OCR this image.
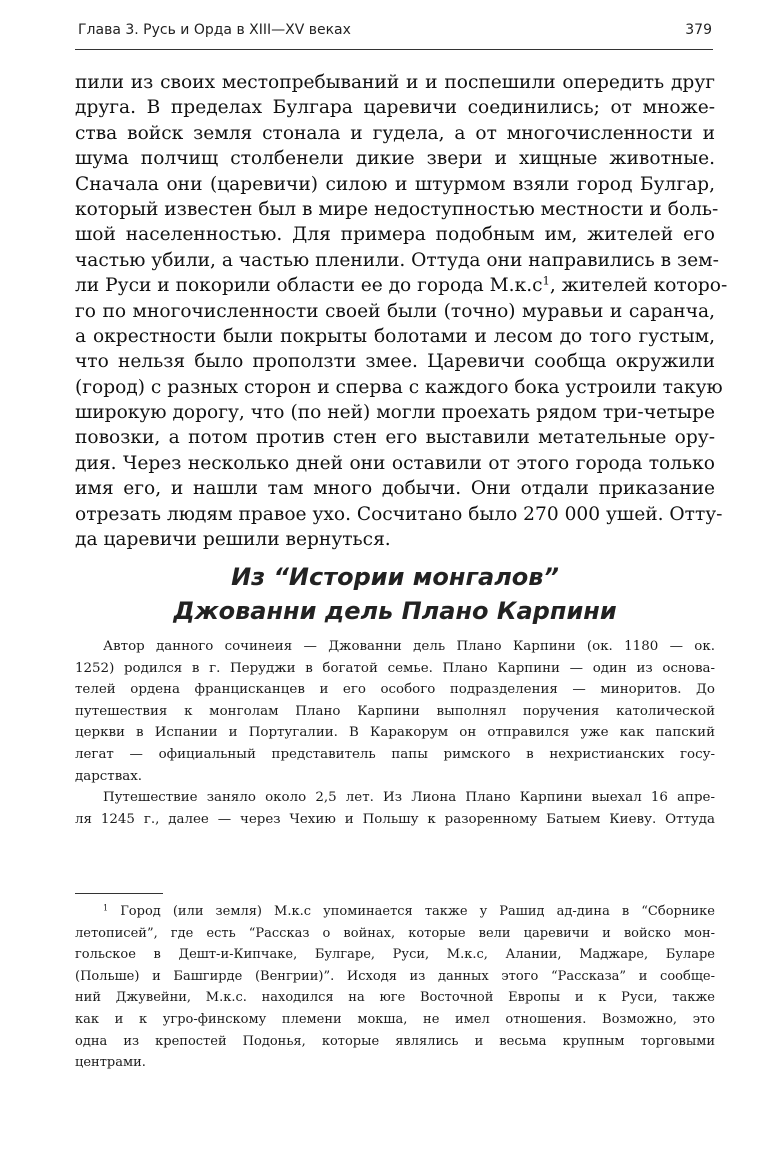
Глава 3. Русь и Орда в XIII—XV веках	379
пили из своих местопребываний и и поспешили опередить друг
друга. В пределах Булгара царевичи соединились; от множе-
ства войск земля стонала и гудела, а от многочисленности и
шума полчищ столбенели дикие звери и хищные животные.
Сначала они (царевичи) силою и штурмом взяли город Булгар,
который известен был в мире недоступностью местности и боль-
шой населенностью. Для примера подобным им, жителей его
частью убили, а частью пленили. Оттуда они направились в зем-
ли Руси и покорили области ее до города $М.к.с^1$, жителей которо-
го по многочисленности своей были (точно) муравьи и саранча,
а окрестности были покрыты болотами и лесом до того густым,
что нельзя было проползти змее. Царевичи сообща окружили
(город) с разных сторон и сперва с каждого бока устроили такую
широкую дорогу, что (по ней) могли проехать рядом три-четыре
повозки, а потом против стен его выставили метательные ору-
дия. Через несколько дней они оставили от этого города только
имя его, и нашли там много добычи. Они отдали приказание
отрезать людям правое ухо. Сосчитано было 270 000 ушей. Отту-
да царевичи решили вернуться.
Из “Истории монгалов”
Джованни дель Плано Карпини
Автор данного сочинеия — Джованни дель Плано Карпини (ок. 1180 — ок.
1252) родился в г. Перуджи в богатой семье. Плано Карпини — один из основа-
телей ордена францисканцев и его особого подразделения — миноритов. До
путешествия к монголам Плано Карпини выполнял поручения католической
церкви в Испании и Португалии. В Каракорум он отправился уже как папский
легат — официальный представитель папы римского в нехристианских госу-
дарствах.
Путешествие заняло около 2,5 лет. Из Лиона Плано Карпини выехал 16 апре-
ля 1245 г., далее — через Чехию и Польшу к разоренному Батыем Киеву. Оттуда
$^1$ Город (или земля) М.к.с упоминается также у Рашид ад-дина в “Сборнике
летописей”, где есть “Рассказ о войнах, которые вели царевичи и войско мон-
гольское в Дешт-и-Кипчаке, Булгаре, Руси, М.к.с, Алании, Маджаре, Буларе
(Польше) и Башгирде (Венгрии)”. Исходя из данных этого “Рассказа” и сообще-
ний Джувейни, М.к.с. находился на юге Восточной Европы и к Руси, также
как и к угро-финскому племени мокша, не имел отношения. Возможно, это
одна из крепостей Подонья, которые являлись и весьма крупным торговыми
центрами.
